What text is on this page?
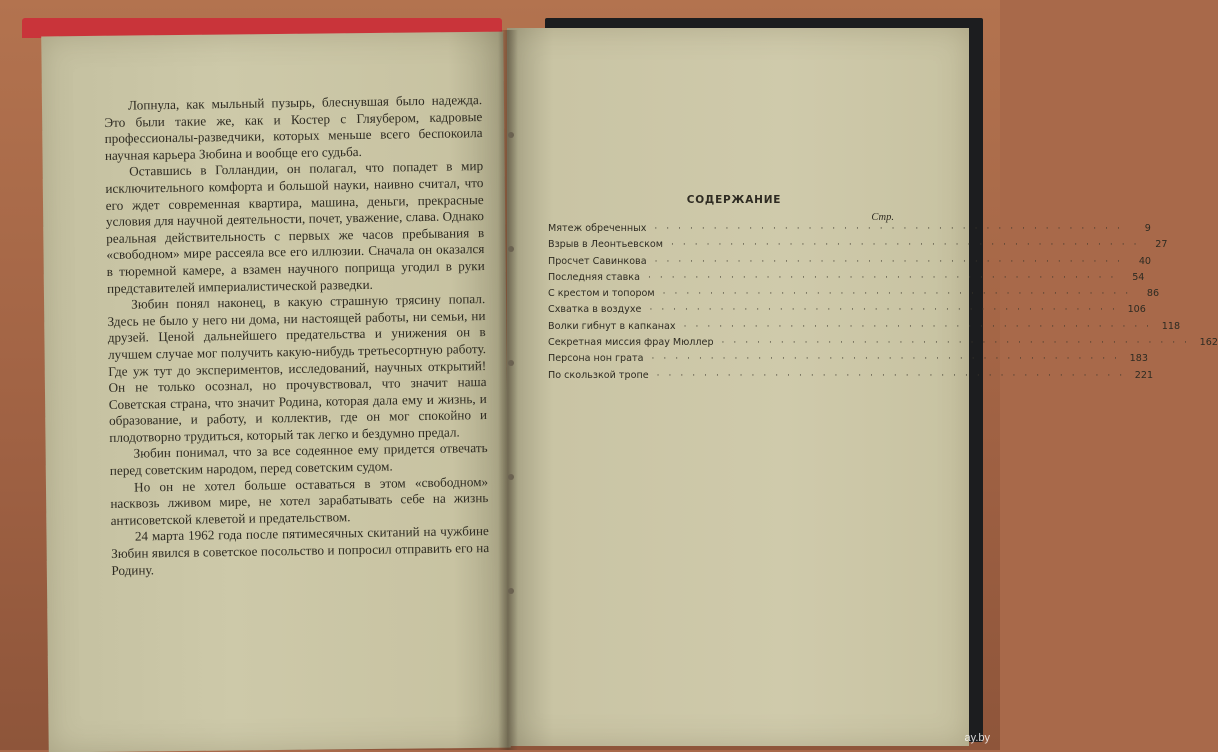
Лопнула, как мыльный пузырь, блеснувшая было надежда. Это были такие же, как и Костер с Гляубером, кадровые профессионалы-разведчики, которых меньше всего беспокоила научная карьера Зюбина и вообще его судьба.

Оставшись в Голландии, он полагал, что попадет в мир исключительного комфорта и большой науки, наивно считал, что его ждет современная квартира, машина, деньги, прекрасные условия для научной деятельности, почет, уважение, слава. Однако реальная действительность с первых же часов пребывания в «свободном» мире рассеяла все его иллюзии. Сначала он оказался в тюремной камере, а взамен научного поприща угодил в руки представителей империалистической разведки.

Зюбин понял наконец, в какую страшную трясину попал. Здесь не было у него ни дома, ни настоящей работы, ни семьи, ни друзей. Ценой дальнейшего предательства и унижения он в лучшем случае мог получить какую-нибудь третьесортную работу. Где уж тут до экспериментов, исследований, научных открытий! Он не только осознал, но прочувствовал, что значит наша Советская страна, что значит Родина, которая дала ему и жизнь, и образование, и работу, и коллектив, где он мог спокойно и плодотворно трудиться, который так легко и бездумно предал.

Зюбин понимал, что за все содеянное ему придется отвечать перед советским народом, перед советским судом.

Но он не хотел больше оставаться в этом «свободном» насквозь лживом мире, не хотел зарабатывать себе на жизнь антисоветской клеветой и предательством.

24 марта 1962 года после пятимесячных скитаний на чужбине Зюбин явился в советское посольство и попросил отправить его на Родину.

СОДЕРЖАНИЕ
Стр.
Мятеж обреченных ········································	9
Взрыв в Леонтьевском ········································	27
Просчет Савинкова ········································	40
Последняя ставка ········································	54
С крестом и топором ········································	86
Схватка в воздухе ········································ 106
Волки гибнут в капканах ········································ 118
Секретная миссия фрау Мюллер ········································ 162
Персона нон грата ········································ 183
По скользкой тропе ········································ 221
ay.by
